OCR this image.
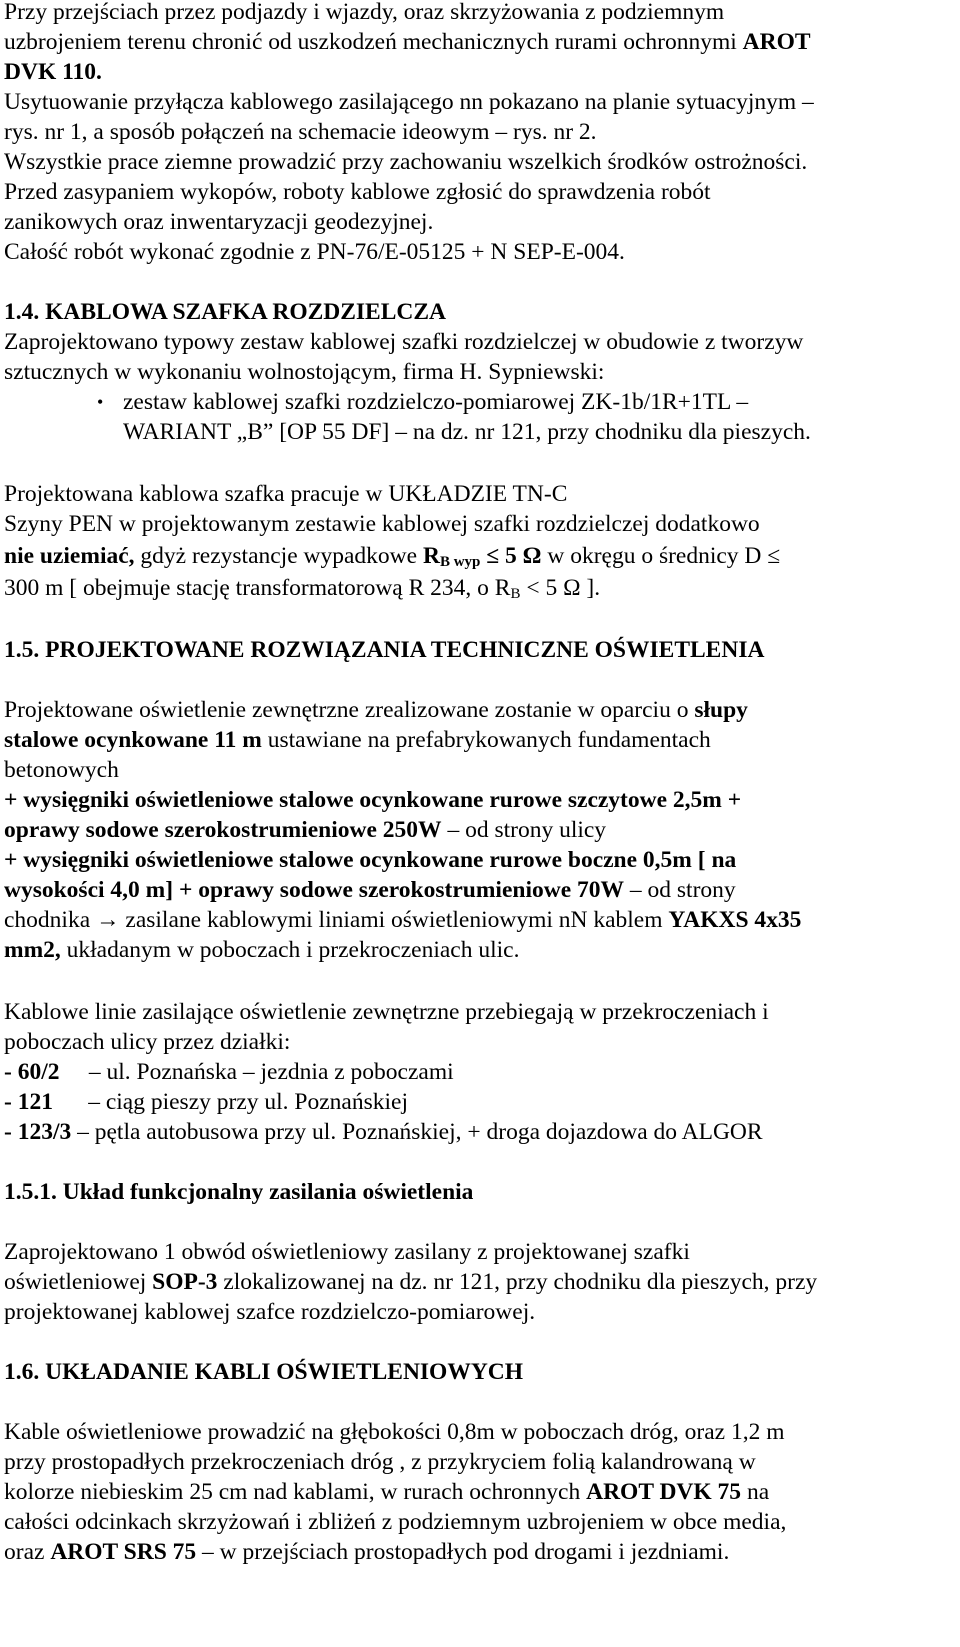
Przy przejściach przez podjazdy i wjazdy, oraz skrzyżowania z podziemnym
uzbrojeniem terenu chronić od uszkodzeń mechanicznych rurami ochronnymi AROT
DVK 110.
Usytuowanie przyłącza kablowego zasilającego nn pokazano na planie sytuacyjnym –
rys. nr 1, a sposób połączeń na schemacie ideowym – rys. nr 2.
Wszystkie prace ziemne prowadzić przy zachowaniu wszelkich środków ostrożności.
Przed zasypaniem wykopów, roboty kablowe zgłosić do sprawdzenia robót
zanikowych oraz inwentaryzacji geodezyjnej.
Całość robót wykonać zgodnie z PN-76/E-05125 + N SEP-E-004.
1.4. KABLOWA SZAFKA ROZDZIELCZA
Zaprojektowano typowy zestaw kablowej szafki rozdzielczej w obudowie z tworzyw
sztucznych w wykonaniu wolnostojącym, firma H. Sypniewski:
• zestaw kablowej szafki rozdzielczo-pomiarowej ZK-1b/1R+1TL –
WARIANT „B” [OP 55 DF] – na dz. nr 121, przy chodniku dla pieszych.
Projektowana kablowa szafka pracuje w UKŁADZIE TN-C
Szyny PEN w projektowanym zestawie kablowej szafki rozdzielczej dodatkowo
nie uziemiać, gdyż rezystancje wypadkowe RB wyp ≤ 5 Ω w okręgu o średnicy D ≤
300 m [ obejmuje stację transformatorową R 234, o $R_B < 5$ Ω ].
1.5. PROJEKTOWANE ROZWIĄZANIA TECHNICZNE OŚWIETLENIA
Projektowane oświetlenie zewnętrzne zrealizowane zostanie w oparciu o słupy
stalowe ocynkowane 11 m ustawiane na prefabrykowanych fundamentach
betonowych
+ wysięgniki oświetleniowe stalowe ocynkowane rurowe szczytowe 2,5m +
oprawy sodowe szerokostrumieniowe 250W – od strony ulicy
+ wysięgniki oświetleniowe stalowe ocynkowane rurowe boczne 0,5m [ na
wysokości 4,0 m] + oprawy sodowe szerokostrumieniowe 70W – od strony
chodnika → zasilane kablowymi liniami oświetleniowymi nN kablem YAKXS 4x35
mm2, układanym w poboczach i przekroczeniach ulic.
Kablowe linie zasilające oświetlenie zewnętrzne przebiegają w przekroczeniach i
poboczach ulicy przez działki:
- 60/2     – ul. Poznańska – jezdnia z poboczami
- 121      – ciąg pieszy przy ul. Poznańskiej
- 123/3 – pętla autobusowa przy ul. Poznańskiej, + droga dojazdowa do ALGOR
1.5.1. Układ funkcjonalny zasilania oświetlenia
Zaprojektowano 1 obwód oświetleniowy zasilany z projektowanej szafki
oświetleniowej SOP-3 zlokalizowanej na dz. nr 121, przy chodniku dla pieszych, przy
projektowanej kablowej szafce rozdzielczo-pomiarowej.
1.6. UKŁADANIE KABLI OŚWIETLENIOWYCH
Kable oświetleniowe prowadzić na głębokości 0,8m w poboczach dróg, oraz 1,2 m
przy prostopadłych przekroczeniach dróg , z przykryciem folią kalandrowaną w
kolorze niebieskim 25 cm nad kablami, w rurach ochronnych AROT DVK 75 na
całości odcinkach skrzyżowań i zbliżeń z podziemnym uzbrojeniem w obce media,
oraz AROT SRS 75 – w przejściach prostopadłych pod drogami i jezdniami.
